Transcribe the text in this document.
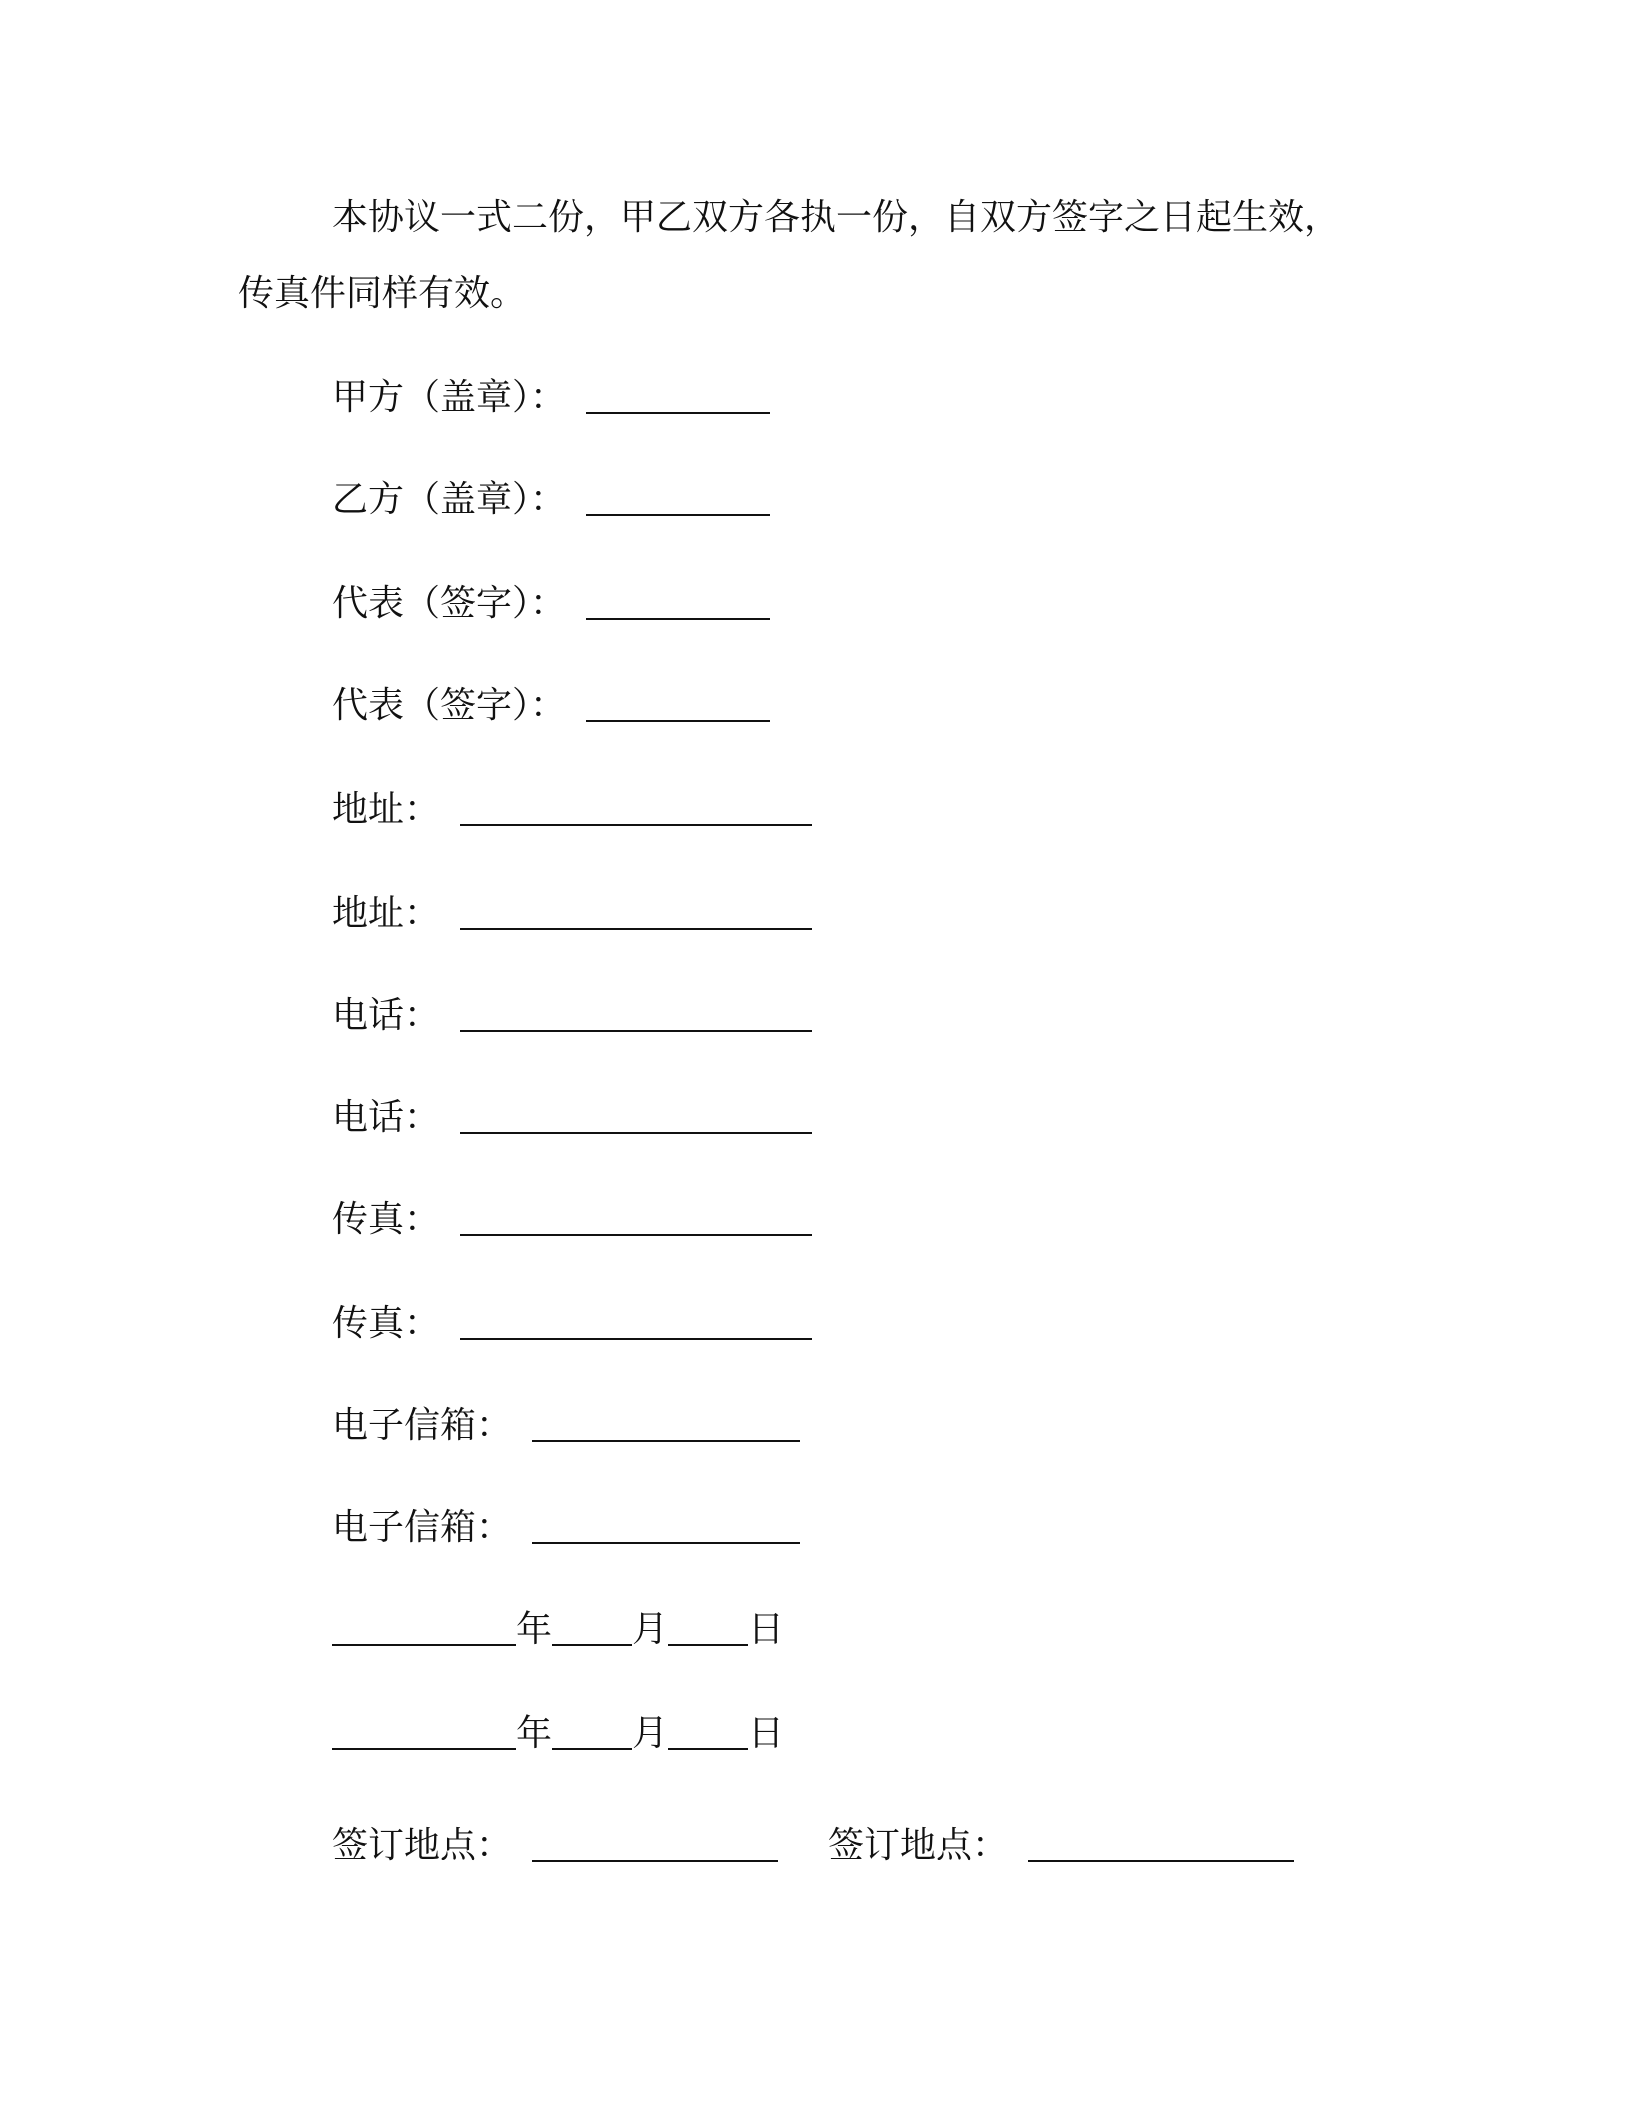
本协议一式二份，甲乙双方各执一份，自双方签字之日起生效，
传真件同样有效。
甲方（盖章）：
乙方（盖章）：
代表（签字）：
代表（签字）：
地址：
地址：
电话：
电话：
传真：
传真：
电子信箱：
电子信箱：
年 月 日
年 月 日
签订地点：	签订地点：
